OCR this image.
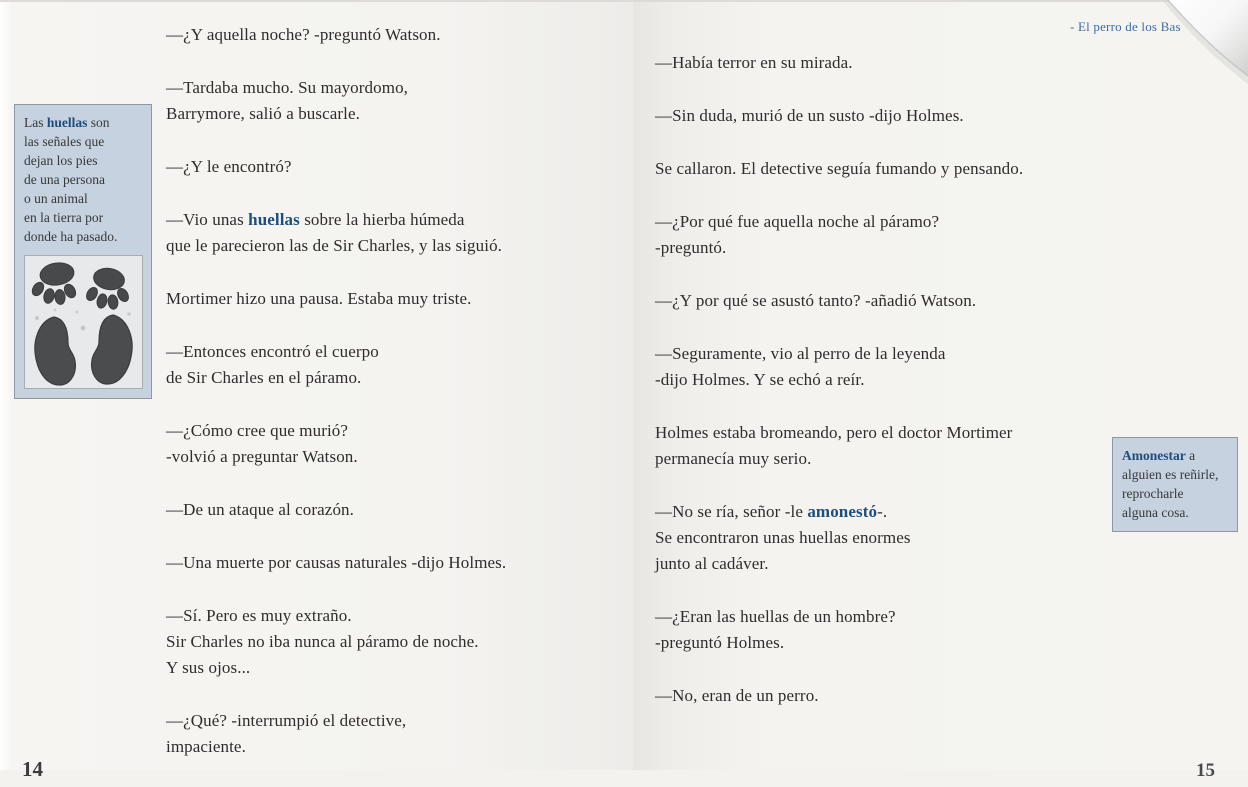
Las huellas son
las señales que
dejan los pies
de una persona
o un animal
en la tierra por
donde ha pasado.

—¿Y aquella noche? -preguntó Watson.

—Tardaba mucho. Su mayordomo,
Barrymore, salió a buscarle.

—¿Y le encontró?

—Vio unas huellas sobre la hierba húmeda
que le parecieron las de Sir Charles, y las siguió.

Mortimer hizo una pausa. Estaba muy triste.

—Entonces encontró el cuerpo
de Sir Charles en el páramo.

—¿Cómo cree que murió?
-volvió a preguntar Watson.

—De un ataque al corazón.

—Una muerte por causas naturales -dijo Holmes.

—Sí. Pero es muy extraño.
Sir Charles no iba nunca al páramo de noche.
Y sus ojos...

—¿Qué? -interrumpió el detective,
impaciente.

14
- El perro de los Bas

—Había terror en su mirada.

—Sin duda, murió de un susto -dijo Holmes.

Se callaron. El detective seguía fumando y pensando.

—¿Por qué fue aquella noche al páramo?
-preguntó.

—¿Y por qué se asustó tanto? -añadió Watson.

—Seguramente, vio al perro de la leyenda
-dijo Holmes. Y se echó a reír.

Holmes estaba bromeando, pero el doctor Mortimer
permanecía muy serio.

—No se ría, señor -le amonestó-.
Se encontraron unas huellas enormes
junto al cadáver.

—¿Eran las huellas de un hombre?
-preguntó Holmes.

—No, eran de un perro.

Amonestar a
alguien es reñirle,
reprocharle
alguna cosa.

15
